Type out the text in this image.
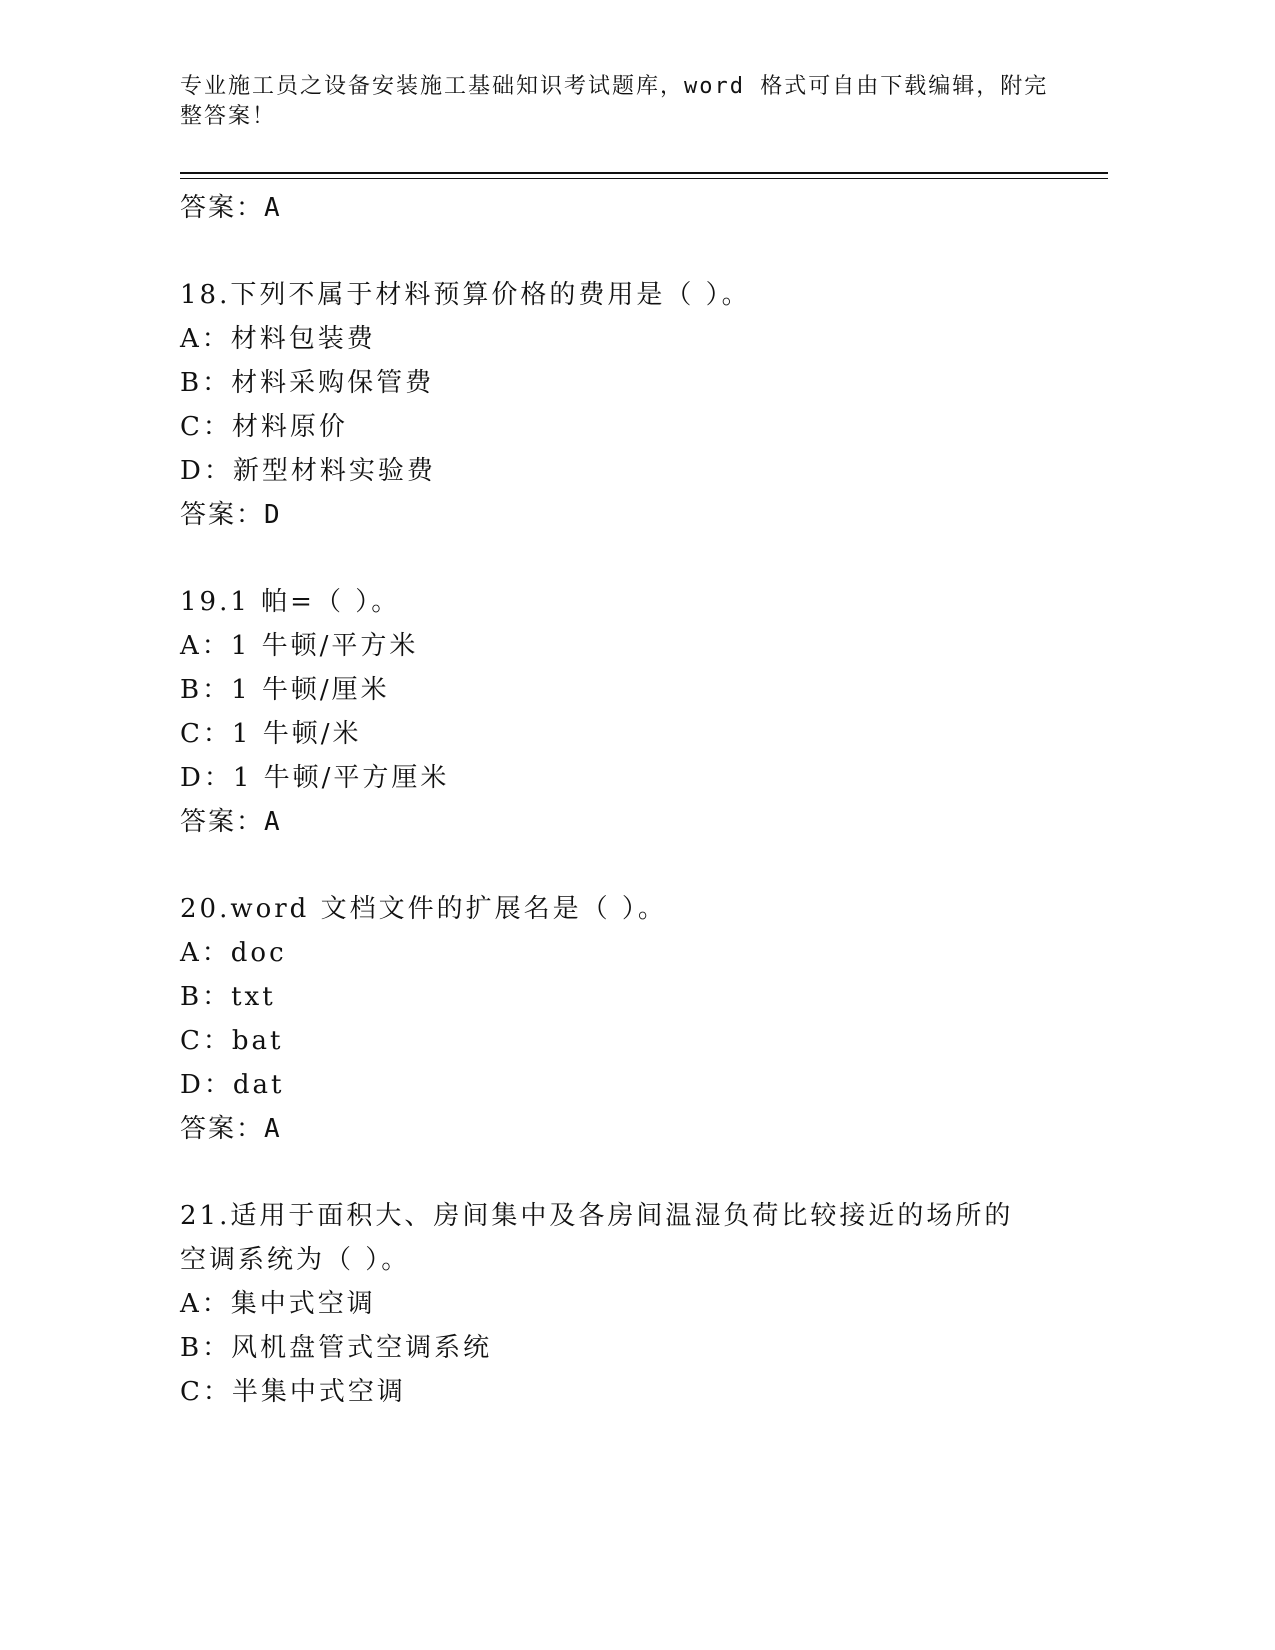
专业施工员之设备安装施工基础知识考试题库，word 格式可自由下载编辑，附完
整答案！
答案：A
18.下列不属于材料预算价格的费用是（ ）。
A：材料包装费
B：材料采购保管费
C：材料原价
D：新型材料实验费
答案：D
19.1 帕=（ ）。
A：1 牛顿/平方米
B：1 牛顿/厘米
C：1 牛顿/米
D：1 牛顿/平方厘米
答案：A
20.word 文档文件的扩展名是（ ）。
A：doc
B：txt
C：bat
D：dat
答案：A
21.适用于面积大、房间集中及各房间温湿负荷比较接近的场所的空调系统为（ ）。
A：集中式空调
B：风机盘管式空调系统
C：半集中式空调
